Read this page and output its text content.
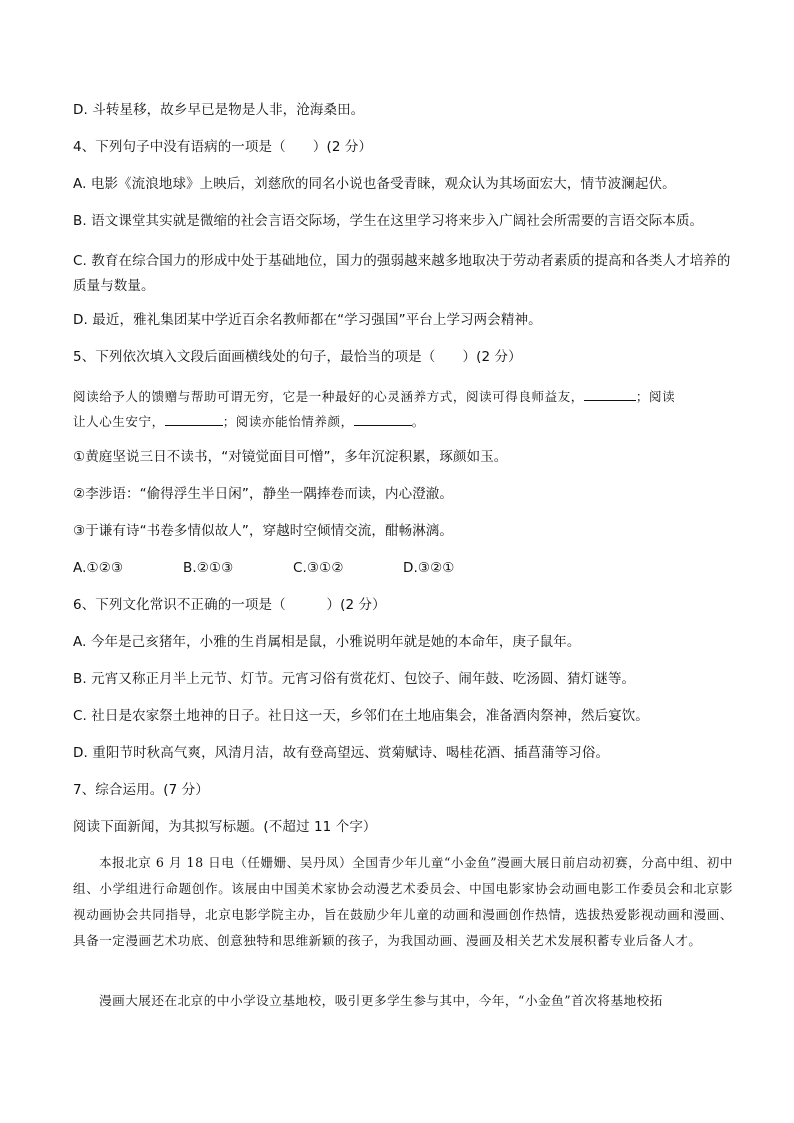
D. 斗转星移，故乡早已是物是人非，沧海桑田。
4、下列句子中没有语病的一项是（　　）(2 分）
A. 电影《流浪地球》上映后，刘慈欣的同名小说也备受青睐，观众认为其场面宏大，情节波澜起伏。
B. 语文课堂其实就是微缩的社会言语交际场，学生在这里学习将来步入广阔社会所需要的言语交际本质。
C. 教育在综合国力的形成中处于基础地位，国力的强弱越来越多地取决于劳动者素质的提高和各类人才培养的质量与数量。
D. 最近，雅礼集团某中学近百余名教师都在“学习强国”平台上学习两会精神。
5、下列依次填入文段后面画横线处的句子，最恰当的项是（　　）(2 分）
阅读给予人的馈赠与帮助可谓无穷，它是一种最好的心灵涵养方式，阅读可得良师益友，	；阅读
让人心生安宁，	；阅读亦能怡情养颜，	。
①黄庭坚说三日不读书，“对镜觉面目可憎”，多年沉淀积累，琢颜如玉。
②李涉语：“偷得浮生半日闲”，静坐一隅捧卷而读，内心澄澈。
③于谦有诗“书卷多情似故人”，穿越时空倾情交流，酣畅淋漓。
A.①②③	B.②①③	C.③①②	D.③②①
6、下列文化常识不正确的一项是（　　　）(2 分）
A. 今年是己亥猪年，小雅的生肖属相是鼠，小雅说明年就是她的本命年，庚子鼠年。
B. 元宵又称正月半上元节、灯节。元宵习俗有赏花灯、包饺子、闹年鼓、吃汤圆、猜灯谜等。
C. 社日是农家祭土地神的日子。社日这一天，乡邻们在土地庙集会，准备酒肉祭神，然后宴饮。
D. 重阳节时秋高气爽，风清月洁，故有登高望远、赏菊赋诗、喝桂花酒、插菖蒲等习俗。
7、综合运用。(7 分）
阅读下面新闻，为其拟写标题。(不超过 11 个字）
本报北京 6 月 18 日电（任姗姗、吴丹凤）全国青少年儿童“小金鱼”漫画大展日前启动初赛，分高中组、初中组、小学组进行命题创作。该展由中国美术家协会动漫艺术委员会、中国电影家协会动画电影工作委员会和北京影视动画协会共同指导，北京电影学院主办，旨在鼓励少年儿童的动画和漫画创作热情，选拔热爱影视动画和漫画、具备一定漫画艺术功底、创意独特和思维新颖的孩子，为我国动画、漫画及相关艺术发展积蓄专业后备人才。
漫画大展还在北京的中小学设立基地校，吸引更多学生参与其中，今年，“小金鱼”首次将基地校拓
